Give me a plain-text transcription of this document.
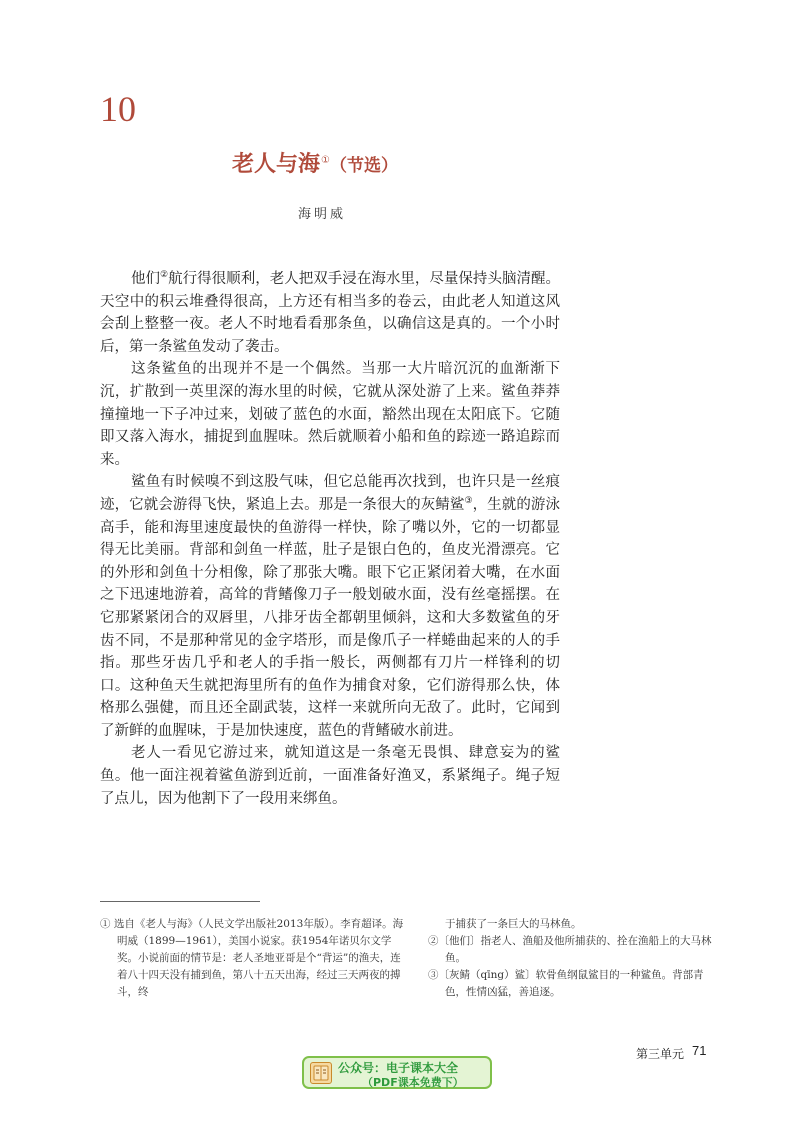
10
老人与海①（节选）
海明威

他们②航行得很顺利，老人把双手浸在海水里，尽量保持头脑清醒。天空中的积云堆叠得很高，上方还有相当多的卷云，由此老人知道这风会刮上整整一夜。老人不时地看看那条鱼，以确信这是真的。一个小时后，第一条鲨鱼发动了袭击。

这条鲨鱼的出现并不是一个偶然。当那一大片暗沉沉的血渐渐下沉，扩散到一英里深的海水里的时候，它就从深处游了上来。鲨鱼莽莽撞撞地一下子冲过来，划破了蓝色的水面，豁然出现在太阳底下。它随即又落入海水，捕捉到血腥味。然后就顺着小船和鱼的踪迹一路追踪而来。

鲨鱼有时候嗅不到这股气味，但它总能再次找到，也许只是一丝痕迹，它就会游得飞快，紧追上去。那是一条很大的灰鲭鲨③，生就的游泳高手，能和海里速度最快的鱼游得一样快，除了嘴以外，它的一切都显得无比美丽。背部和剑鱼一样蓝，肚子是银白色的，鱼皮光滑漂亮。它的外形和剑鱼十分相像，除了那张大嘴。眼下它正紧闭着大嘴，在水面之下迅速地游着，高耸的背鳍像刀子一般划破水面，没有丝毫摇摆。在它那紧紧闭合的双唇里，八排牙齿全都朝里倾斜，这和大多数鲨鱼的牙齿不同，不是那种常见的金字塔形，而是像爪子一样蜷曲起来的人的手指。那些牙齿几乎和老人的手指一般长，两侧都有刀片一样锋利的切口。这种鱼天生就把海里所有的鱼作为捕食对象，它们游得那么快，体格那么强健，而且还全副武装，这样一来就所向无敌了。此时，它闻到了新鲜的血腥味，于是加快速度，蓝色的背鳍破水前进。

老人一看见它游过来，就知道这是一条毫无畏惧、肆意妄为的鲨鱼。他一面注视着鲨鱼游到近前，一面准备好渔叉，系紧绳子。绳子短了点儿，因为他割下了一段用来绑鱼。

① 选自《老人与海》（人民文学出版社2013年版）。李育超译。海明威（1899—1961），美国小说家。获1954年诺贝尔文学奖。小说前面的情节是：老人圣地亚哥是个“背运”的渔夫，连着八十四天没有捕到鱼，第八十五天出海，经过三天两夜的搏斗，终

于捕获了一条巨大的马林鱼。

②〔他们〕指老人、渔船及他所捕获的、拴在渔船上的大马林鱼。

③〔灰鲭（qīng）鲨〕软骨鱼纲鼠鲨目的一种鲨鱼。背部青色，性情凶猛，善追逐。

第三单元 71
公众号：电子课本大全
（PDF课本免费下）
